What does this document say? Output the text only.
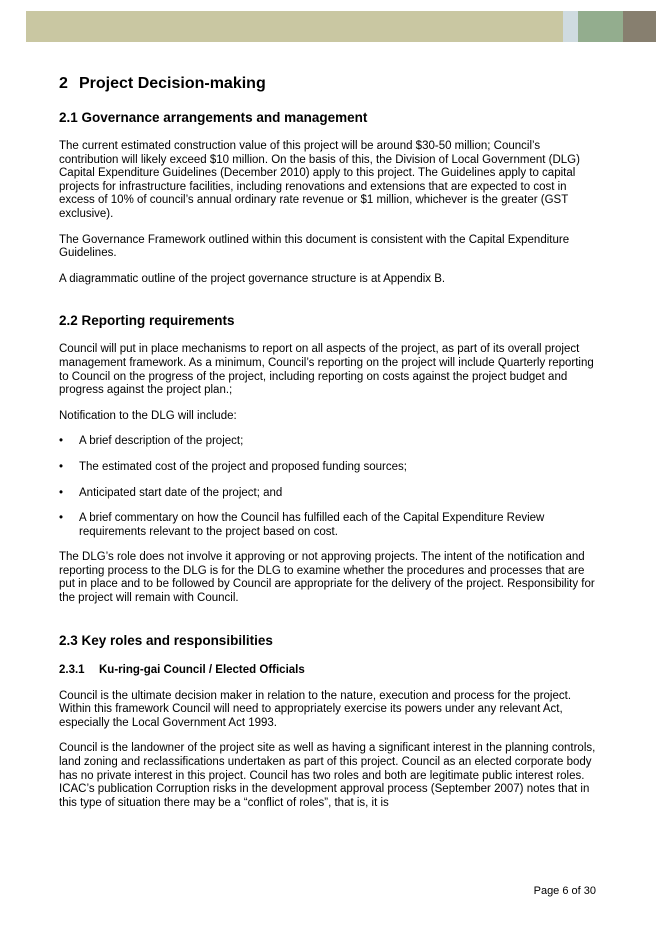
2 Project Decision-making
2.1 Governance arrangements and management

The current estimated construction value of this project will be around $30-50 million; Council’s contribution will likely exceed $10 million. On the basis of this, the Division of Local Government (DLG) Capital Expenditure Guidelines (December 2010) apply to this project. The Guidelines apply to capital projects for infrastructure facilities, including renovations and extensions that are expected to cost in excess of 10% of council’s annual ordinary rate revenue or $1 million, whichever is the greater (GST exclusive).

The Governance Framework outlined within this document is consistent with the Capital Expenditure Guidelines.

A diagrammatic outline of the project governance structure is at Appendix B.

2.2 Reporting requirements

Council will put in place mechanisms to report on all aspects of the project, as part of its overall project management framework. As a minimum, Council’s reporting on the project will include Quarterly reporting to Council on the progress of the project, including reporting on costs against the project budget and progress against the project plan.;

Notification to the DLG will include:

• A brief description of the project;
• The estimated cost of the project and proposed funding sources;
• Anticipated start date of the project; and
• A brief commentary on how the Council has fulfilled each of the Capital Expenditure Review requirements relevant to the project based on cost.

The DLG’s role does not involve it approving or not approving projects. The intent of the notification and reporting process to the DLG is for the DLG to examine whether the procedures and processes that are put in place and to be followed by Council are appropriate for the delivery of the project. Responsibility for the project will remain with Council.

2.3 Key roles and responsibilities
2.3.1 Ku-ring-gai Council / Elected Officials

Council is the ultimate decision maker in relation to the nature, execution and process for the project. Within this framework Council will need to appropriately exercise its powers under any relevant Act, especially the Local Government Act 1993.

Council is the landowner of the project site as well as having a significant interest in the planning controls, land zoning and reclassifications undertaken as part of this project. Council as an elected corporate body has no private interest in this project. Council has two roles and both are legitimate public interest roles. ICAC’s publication Corruption risks in the development approval process (September 2007) notes that in this type of situation there may be a “conflict of roles”, that is, it is

Page 6 of 30
